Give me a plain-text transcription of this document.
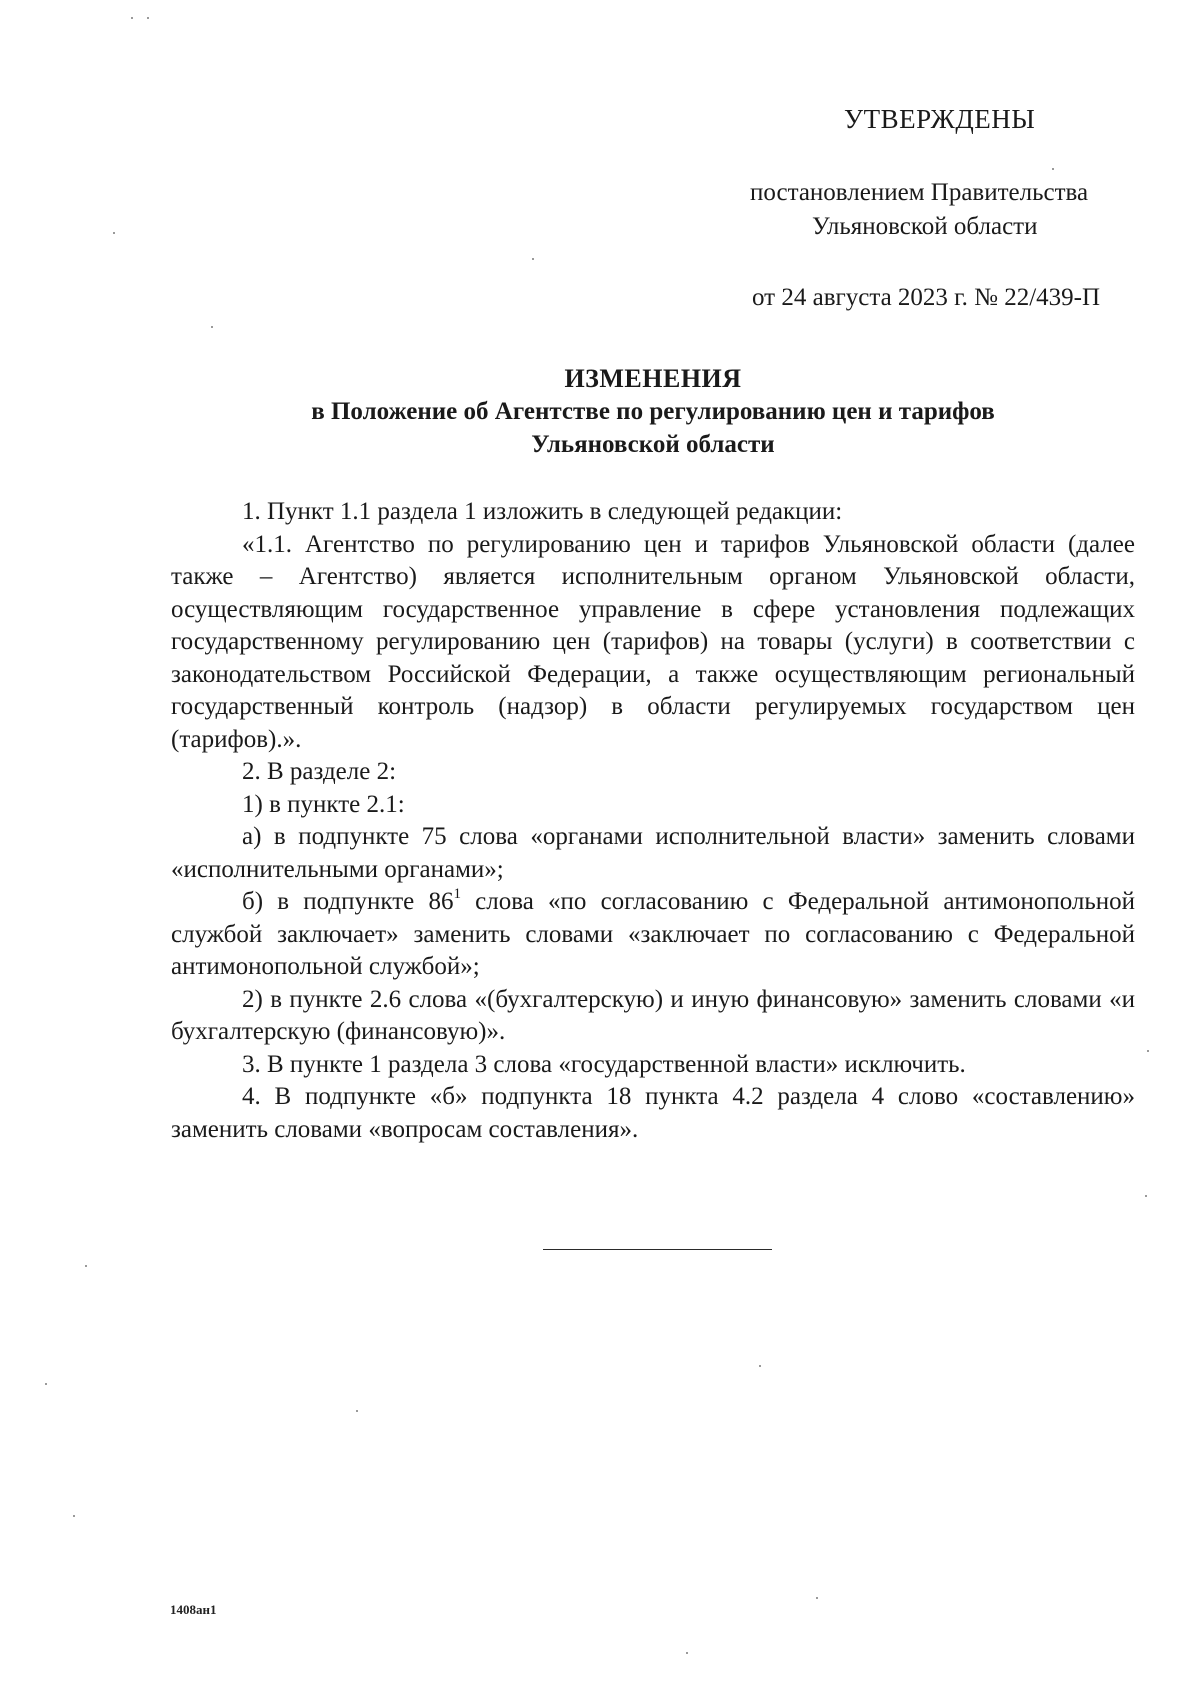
УТВЕРЖДЕНЫ
постановлением Правительства
Ульяновской области
от 24 августа 2023 г. № 22/439-П
ИЗМЕНЕНИЯ
в Положение об Агентстве по регулированию цен и тарифов
Ульяновской области

1. Пункт 1.1 раздела 1 изложить в следующей редакции:

«1.1. Агентство по регулированию цен и тарифов Ульяновской области (далее также – Агентство) является исполнительным органом Ульяновской области, осуществляющим государственное управление в сфере установления подлежащих государственному регулированию цен (тарифов) на товары (услуги) в соответствии с законодательством Российской Федерации, а также осуществляющим региональный государственный контроль (надзор) в области регулируемых государством цен (тарифов).».

2. В разделе 2:

1) в пункте 2.1:

а) в подпункте 75 слова «органами исполнительной власти» заменить словами «исполнительными органами»;

б) в подпункте $86^1$ слова «по согласованию с Федеральной антимонопольной службой заключает» заменить словами «заключает по согласованию с Федеральной антимонопольной службой»;

2) в пункте 2.6 слова «(бухгалтерскую) и иную финансовую» заменить словами «и бухгалтерскую (финансовую)».

3. В пункте 1 раздела 3 слова «государственной власти» исключить.

4. В подпункте «б» подпункта 18 пункта 4.2 раздела 4 слово «составлению» заменить словами «вопросам составления».

1408ан1
